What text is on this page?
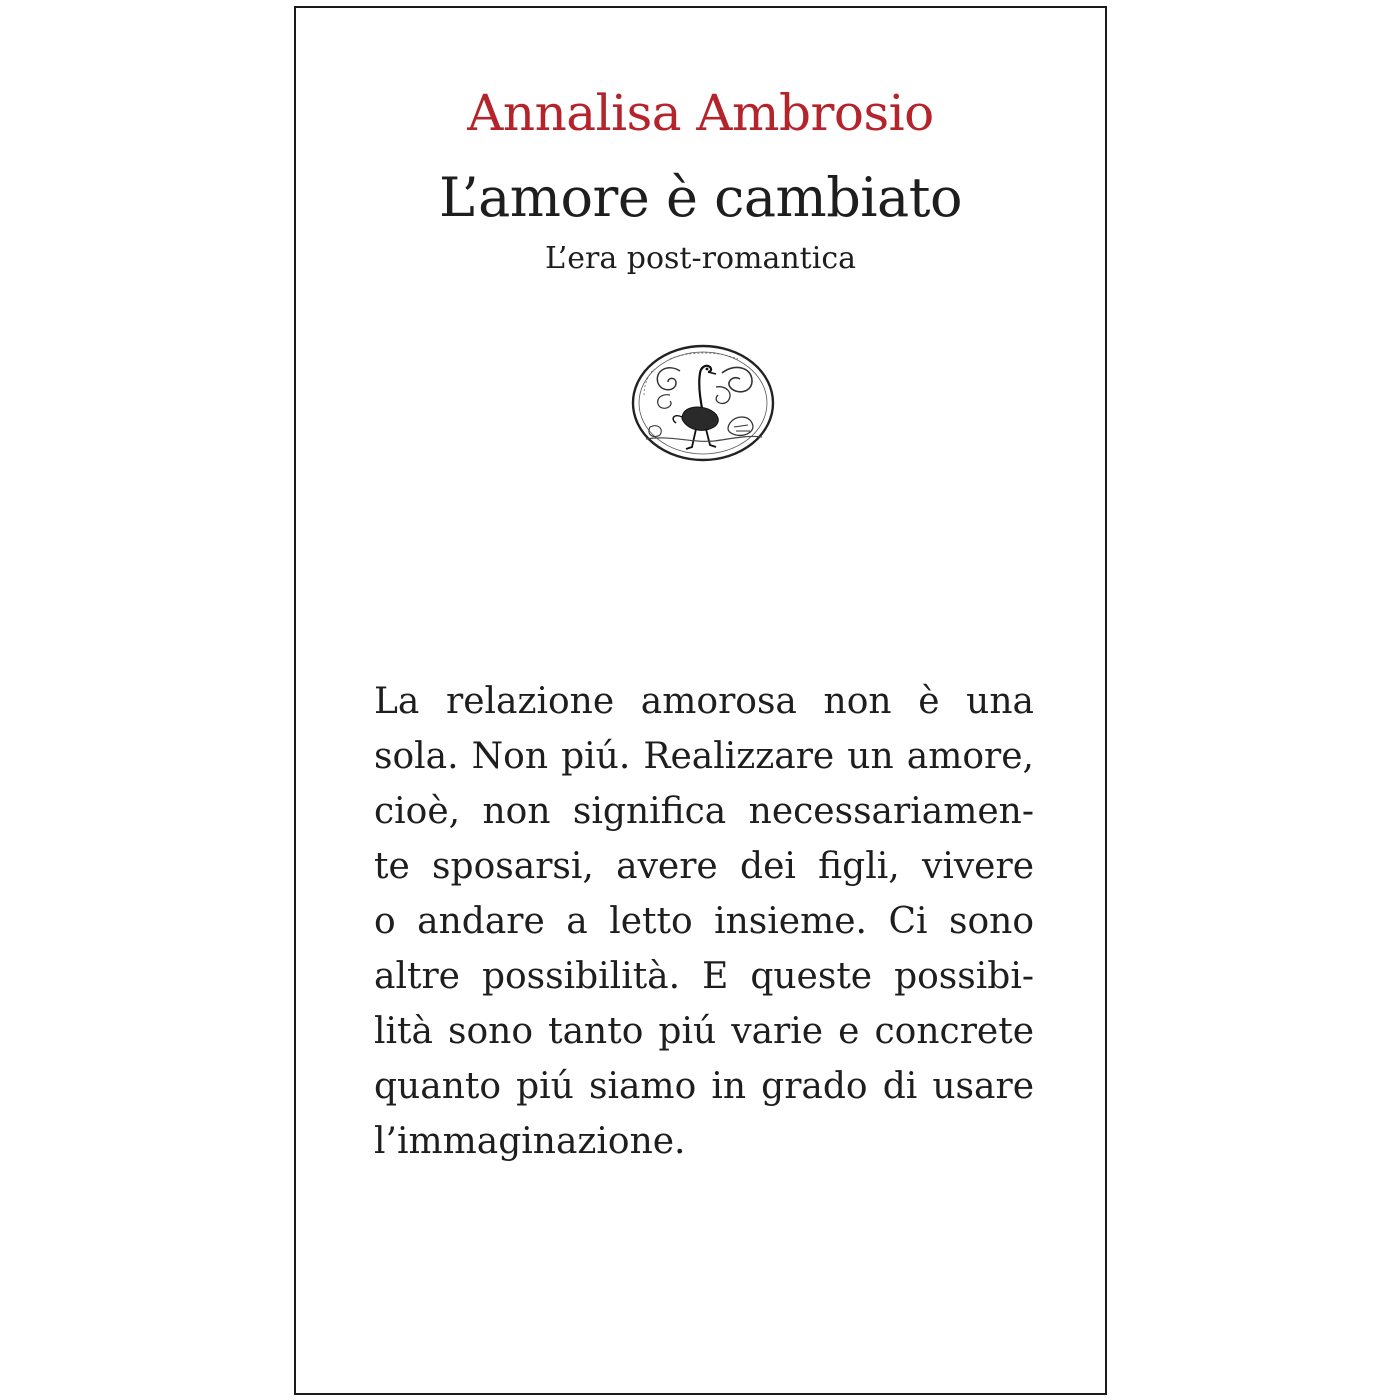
Annalisa Ambrosio
L’amore è cambiato
L’era post-romantica
La relazione amorosa non è una
sola. Non piú. Realizzare un amore,
cioè, non significa necessariamen-
te sposarsi, avere dei figli, vivere
o andare a letto insieme. Ci sono
altre possibilità. E queste possibi-
lità sono tanto piú varie e concrete
quanto piú siamo in grado di usare
l’immaginazione.
